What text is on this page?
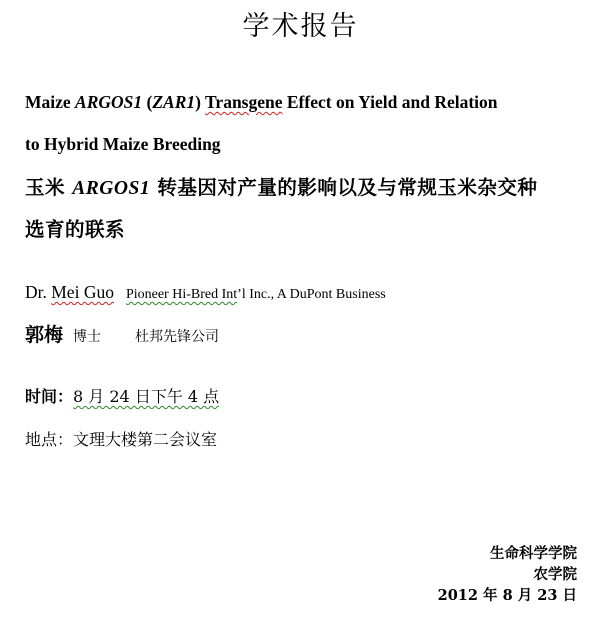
学术报告
Maize ARGOS1 (ZAR1) Transgene Effect on Yield and Relation
to Hybrid Maize Breeding
玉米 ARGOS1 转基因对产量的影响以及与常规玉米杂交种
选育的联系
Dr. Mei Guo Pioneer Hi-Bred Int’l Inc., A DuPont Business
郭梅 博士 杜邦先锋公司
时间：8 月 24 日下午 4 点
地点：文理大楼第二会议室
生命科学学院
农学院
2012 年 8 月 23 日
